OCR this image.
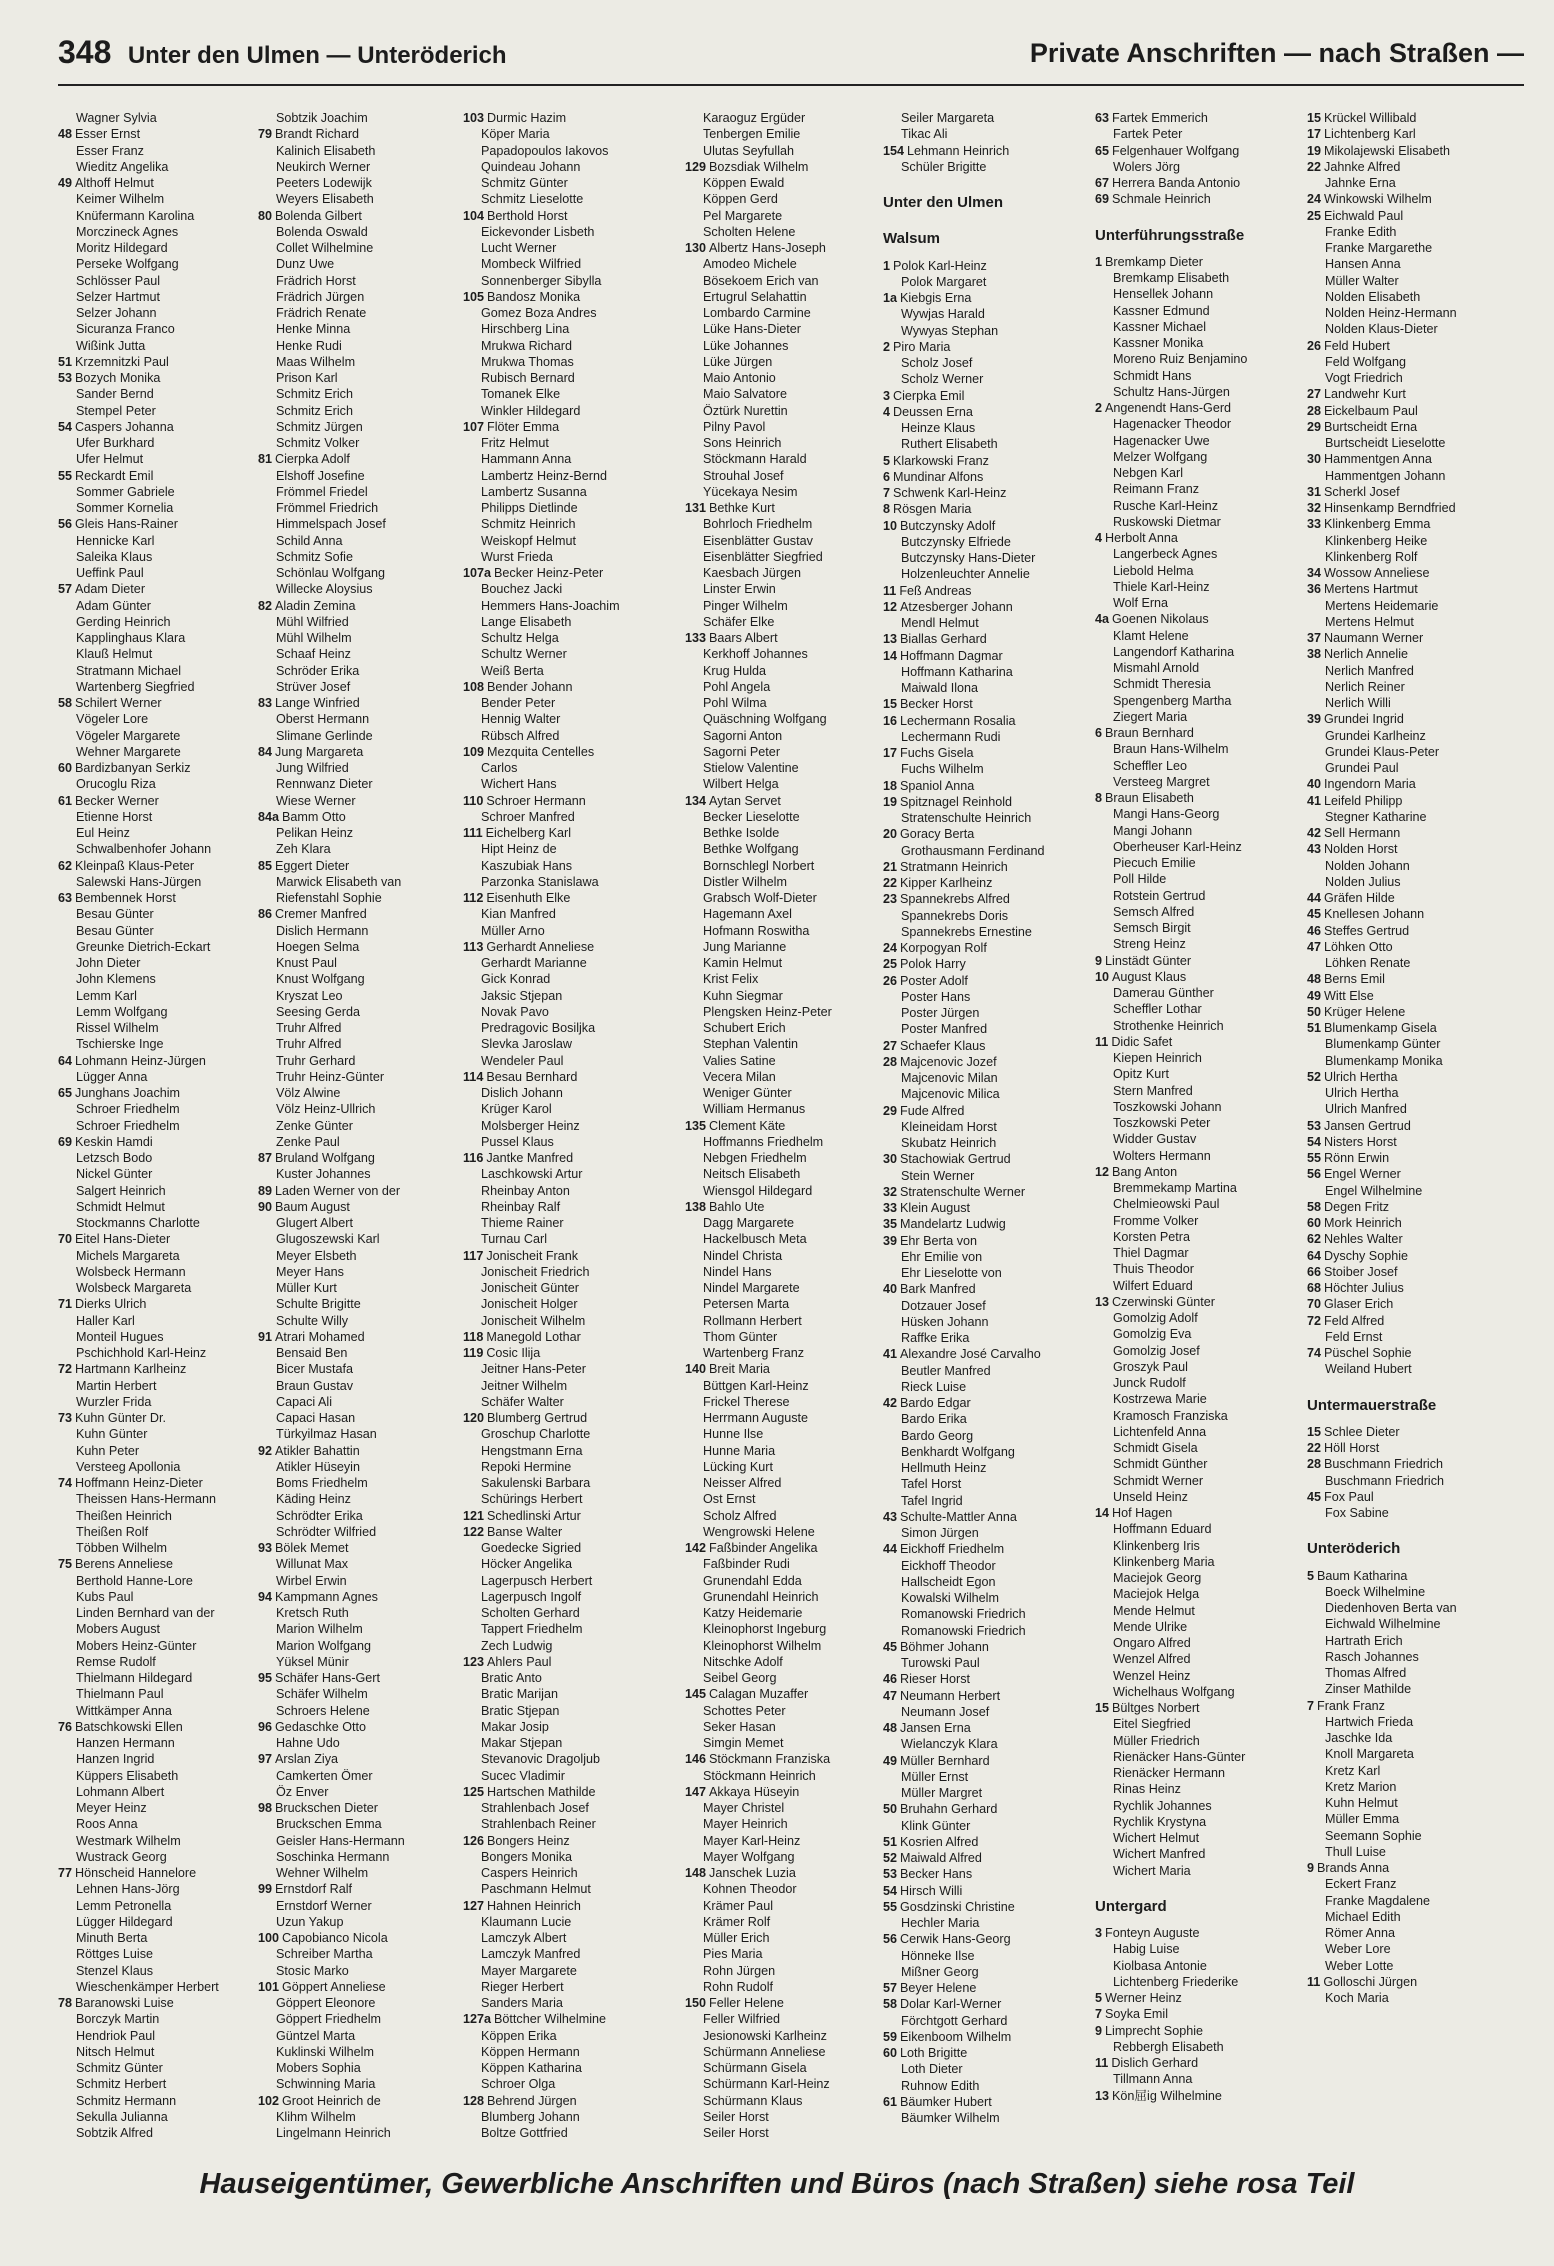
348 Unter den Ulmen — Unteröderich	Private Anschriften — nach Straßen —
Wagner Sylvia
48 Esser Ernst
Esser Franz
Wieditz Angelika
49 Althoff Helmut
Keimer Wilhelm
Knüfermann Karolina
Morczineck Agnes
Moritz Hildegard
Perseke Wolfgang
Schlösser Paul
Selzer Hartmut
Selzer Johann
Sicuranza Franco
Wißink Jutta
51 Krzemnitzki Paul
53 Bozych Monika
Sander Bernd
Stempel Peter
54 Caspers Johanna
Ufer Burkhard
Ufer Helmut
55 Reckardt Emil
Sommer Gabriele
Sommer Kornelia
56 Gleis Hans-Rainer
Hennicke Karl
Saleika Klaus
Ueffink Paul
57 Adam Dieter
Adam Günter
Gerding Heinrich
Kapplinghaus Klara
Klauß Helmut
Stratmann Michael
Wartenberg Siegfried
58 Schilert Werner
Vögeler Lore
Vögeler Margarete
Wehner Margarete
60 Bardizbanyan Serkiz
Orucoglu Riza
61 Becker Werner
Etienne Horst
Eul Heinz
Schwalbenhofer Johann
62 Kleinpaß Klaus-Peter
Salewski Hans-Jürgen
63 Bembennek Horst
Besau Günter
Besau Günter
Greunke Dietrich-Eckart
John Dieter
John Klemens
Lemm Karl
Lemm Wolfgang
Rissel Wilhelm
Tschierske Inge
64 Lohmann Heinz-Jürgen
Lügger Anna
65 Junghans Joachim
Schroer Friedhelm
Schroer Friedhelm
69 Keskin Hamdi
Letzsch Bodo
Nickel Günter
Salgert Heinrich
Schmidt Helmut
Stockmanns Charlotte
70 Eitel Hans-Dieter
Michels Margareta
Wolsbeck Hermann
Wolsbeck Margareta
71 Dierks Ulrich
Haller Karl
Monteil Hugues
Pschichhold Karl-Heinz
72 Hartmann Karlheinz
Martin Herbert
Wurzler Frida
73 Kuhn Günter Dr.
Kuhn Günter
Kuhn Peter
Versteeg Apollonia
74 Hoffmann Heinz-Dieter
Theissen Hans-Hermann
Theißen Heinrich
Theißen Rolf
Többen Wilhelm
75 Berens Anneliese
Berthold Hanne-Lore
Kubs Paul
Linden Bernhard van der
Mobers August
Mobers Heinz-Günter
Remse Rudolf
Thielmann Hildegard
Thielmann Paul
Wittkämper Anna
76 Batschkowski Ellen
Hanzen Hermann
Hanzen Ingrid
Küppers Elisabeth
Lohmann Albert
Meyer Heinz
Roos Anna
Westmark Wilhelm
Wustrack Georg
77 Hönscheid Hannelore
Lehnen Hans-Jörg
Lemm Petronella
Lügger Hildegard
Minuth Berta
Röttges Luise
Stenzel Klaus
Wieschenkämper Herbert
78 Baranowski Luise
Borczyk Martin
Hendriok Paul
Nitsch Helmut
Schmitz Günter
Schmitz Herbert
Schmitz Hermann
Sekulla Julianna
Sobtzik Alfred
Sobtzik Joachim
79 Brandt Richard
Kalinich Elisabeth
Neukirch Werner
Peeters Lodewijk
Weyers Elisabeth
80 Bolenda Gilbert
Bolenda Oswald
Collet Wilhelmine
Dunz Uwe
Frädrich Horst
Frädrich Jürgen
Frädrich Renate
Henke Minna
Henke Rudi
Maas Wilhelm
Prison Karl
Schmitz Erich
Schmitz Erich
Schmitz Jürgen
Schmitz Volker
81 Cierpka Adolf
Elshoff Josefine
Frömmel Friedel
Frömmel Friedrich
Himmelspach Josef
Schild Anna
Schmitz Sofie
Schönlau Wolfgang
Willecke Aloysius
82 Aladin Zemina
Mühl Wilfried
Mühl Wilhelm
Schaaf Heinz
Schröder Erika
Strüver Josef
83 Lange Winfried
Oberst Hermann
Slimane Gerlinde
84 Jung Margareta
Jung Wilfried
Rennwanz Dieter
Wiese Werner
84a Bamm Otto
Pelikan Heinz
Zeh Klara
85 Eggert Dieter
Marwick Elisabeth van
Riefenstahl Sophie
86 Cremer Manfred
Dislich Hermann
Hoegen Selma
Knust Paul
Knust Wolfgang
Kryszat Leo
Seesing Gerda
Truhr Alfred
Truhr Alfred
Truhr Gerhard
Truhr Heinz-Günter
Völz Alwine
Völz Heinz-Ullrich
Zenke Günter
Zenke Paul
87 Bruland Wolfgang
Kuster Johannes
89 Laden Werner von der
90 Baum August
Glugert Albert
Glugoszewski Karl
Meyer Elsbeth
Meyer Hans
Müller Kurt
Schulte Brigitte
Schulte Willy
91 Atrari Mohamed
Bensaid Ben
Bicer Mustafa
Braun Gustav
Capaci Ali
Capaci Hasan
Türkyilmaz Hasan
92 Atikler Bahattin
Atikler Hüseyin
Boms Friedhelm
Käding Heinz
Schrödter Erika
Schrödter Wilfried
93 Bölek Memet
Willunat Max
Wirbel Erwin
94 Kampmann Agnes
Kretsch Ruth
Marion Wilhelm
Marion Wolfgang
Yüksel Münir
95 Schäfer Hans-Gert
Schäfer Wilhelm
Schroers Helene
96 Gedaschke Otto
Hahne Udo
97 Arslan Ziya
Camkerten Ömer
Öz Enver
98 Bruckschen Dieter
Bruckschen Emma
Geisler Hans-Hermann
Soschinka Hermann
Wehner Wilhelm
99 Ernstdorf Ralf
Ernstdorf Werner
Uzun Yakup
100 Capobianco Nicola
Schreiber Martha
Stosic Marko
101 Göppert Anneliese
Göppert Eleonore
Göppert Friedhelm
Güntzel Marta
Kuklinski Wilhelm
Mobers Sophia
Schwinning Maria
102 Groot Heinrich de
Klihm Wilhelm
Lingelmann Heinrich
103 Durmic Hazim
Köper Maria
Papadopoulos Iakovos
Quindeau Johann
Schmitz Günter
Schmitz Lieselotte
104 Berthold Horst
Eickevonder Lisbeth
Lucht Werner
Mombeck Wilfried
Sonnenberger Sibylla
105 Bandosz Monika
Gomez Boza Andres
Hirschberg Lina
Mrukwa Richard
Mrukwa Thomas
Rubisch Bernard
Tomanek Elke
Winkler Hildegard
107 Flöter Emma
Fritz Helmut
Hammann Anna
Lambertz Heinz-Bernd
Lambertz Susanna
Philipps Dietlinde
Schmitz Heinrich
Weiskopf Helmut
Wurst Frieda
107a Becker Heinz-Peter
Bouchez Jacki
Hemmers Hans-Joachim
Lange Elisabeth
Schultz Helga
Schultz Werner
Weiß Berta
108 Bender Johann
Bender Peter
Hennig Walter
Rübsch Alfred
109 Mezquita Centelles
Carlos
Wichert Hans
110 Schroer Hermann
Schroer Manfred
111 Eichelberg Karl
Hipt Heinz de
Kaszubiak Hans
Parzonka Stanislawa
112 Eisenhuth Elke
Kian Manfred
Müller Arno
113 Gerhardt Anneliese
Gerhardt Marianne
Gick Konrad
Jaksic Stjepan
Novak Pavo
Predragovic Bosiljka
Slevka Jaroslaw
Wendeler Paul
114 Besau Bernhard
Dislich Johann
Krüger Karol
Molsberger Heinz
Pussel Klaus
116 Jantke Manfred
Laschkowski Artur
Rheinbay Anton
Rheinbay Ralf
Thieme Rainer
Turnau Carl
117 Jonischeit Frank
Jonischeit Friedrich
Jonischeit Günter
Jonischeit Holger
Jonischeit Wilhelm
118 Manegold Lothar
119 Cosic Ilija
Jeitner Hans-Peter
Jeitner Wilhelm
Schäfer Walter
120 Blumberg Gertrud
Groschup Charlotte
Hengstmann Erna
Repoki Hermine
Sakulenski Barbara
Schürings Herbert
121 Schedlinski Artur
122 Banse Walter
Goedecke Sigried
Höcker Angelika
Lagerpusch Herbert
Lagerpusch Ingolf
Scholten Gerhard
Tappert Friedhelm
Zech Ludwig
123 Ahlers Paul
Bratic Anto
Bratic Marijan
Bratic Stjepan
Makar Josip
Makar Stjepan
Stevanovic Dragoljub
Sucec Vladimir
125 Hartschen Mathilde
Strahlenbach Josef
Strahlenbach Reiner
126 Bongers Heinz
Bongers Monika
Caspers Heinrich
Paschmann Helmut
127 Hahnen Heinrich
Klaumann Lucie
Lamczyk Albert
Lamczyk Manfred
Mayer Margarete
Rieger Herbert
Sanders Maria
127a Böttcher Wilhelmine
Köppen Erika
Köppen Hermann
Köppen Katharina
Schroer Olga
128 Behrend Jürgen
Blumberg Johann
Boltze Gottfried
Karaoguz Ergüder
Tenbergen Emilie
Ulutas Seyfullah
129 Bozsdiak Wilhelm
Köppen Ewald
Köppen Gerd
Pel Margarete
Scholten Helene
130 Albertz Hans-Joseph
Amodeo Michele
Bösekoem Erich van
Ertugrul Selahattin
Lombardo Carmine
Lüke Hans-Dieter
Lüke Johannes
Lüke Jürgen
Maio Antonio
Maio Salvatore
Öztürk Nurettin
Pilny Pavol
Sons Heinrich
Stöckmann Harald
Strouhal Josef
Yücekaya Nesim
131 Bethke Kurt
Bohrloch Friedhelm
Eisenblätter Gustav
Eisenblätter Siegfried
Kaesbach Jürgen
Linster Erwin
Pinger Wilhelm
Schäfer Elke
133 Baars Albert
Kerkhoff Johannes
Krug Hulda
Pohl Angela
Pohl Wilma
Quäschning Wolfgang
Sagorni Anton
Sagorni Peter
Stielow Valentine
Wilbert Helga
134 Aytan Servet
Becker Lieselotte
Bethke Isolde
Bethke Wolfgang
Bornschlegl Norbert
Distler Wilhelm
Grabsch Wolf-Dieter
Hagemann Axel
Hofmann Roswitha
Jung Marianne
Kamin Helmut
Krist Felix
Kuhn Siegmar
Plengsken Heinz-Peter
Schubert Erich
Stephan Valentin
Valies Satine
Vecera Milan
Weniger Günter
William Hermanus
135 Clement Käte
Hoffmanns Friedhelm
Nebgen Friedhelm
Neitsch Elisabeth
Wiensgol Hildegard
138 Bahlo Ute
Dagg Margarete
Hackelbusch Meta
Nindel Christa
Nindel Hans
Nindel Margarete
Petersen Marta
Rollmann Herbert
Thom Günter
Wartenberg Franz
140 Breit Maria
Büttgen Karl-Heinz
Frickel Therese
Herrmann Auguste
Hunne Ilse
Hunne Maria
Lücking Kurt
Neisser Alfred
Ost Ernst
Scholz Alfred
Wengrowski Helene
142 Faßbinder Angelika
Faßbinder Rudi
Grunendahl Edda
Grunendahl Heinrich
Katzy Heidemarie
Kleinophorst Ingeburg
Kleinophorst Wilhelm
Nitschke Adolf
Seibel Georg
145 Calagan Muzaffer
Schottes Peter
Seker Hasan
Simgin Memet
146 Stöckmann Franziska
Stöckmann Heinrich
147 Akkaya Hüseyin
Mayer Christel
Mayer Heinrich
Mayer Karl-Heinz
Mayer Wolfgang
148 Janschek Luzia
Kohnen Theodor
Krämer Paul
Krämer Rolf
Müller Erich
Pies Maria
Rohn Jürgen
Rohn Rudolf
150 Feller Helene
Feller Wilfried
Jesionowski Karlheinz
Schürmann Anneliese
Schürmann Gisela
Schürmann Karl-Heinz
Schürmann Klaus
Seiler Horst
Seiler Horst
Seiler Margareta
Tikac Ali
154 Lehmann Heinrich
Schüler Brigitte
Unter den Ulmen
Walsum
1 Polok Karl-Heinz
Polok Margaret
1a Kiebgis Erna
Wywjas Harald
Wywyas Stephan
2 Piro Maria
Scholz Josef
Scholz Werner
3 Cierpka Emil
4 Deussen Erna
Heinze Klaus
Ruthert Elisabeth
5 Klarkowski Franz
6 Mundinar Alfons
7 Schwenk Karl-Heinz
8 Rösgen Maria
10 Butczynsky Adolf
Butczynsky Elfriede
Butczynsky Hans-Dieter
Holzenleuchter Annelie
11 Feß Andreas
12 Atzesberger Johann
Mendl Helmut
13 Biallas Gerhard
14 Hoffmann Dagmar
Hoffmann Katharina
Maiwald Ilona
15 Becker Horst
16 Lechermann Rosalia
Lechermann Rudi
17 Fuchs Gisela
Fuchs Wilhelm
18 Spaniol Anna
19 Spitznagel Reinhold
Stratenschulte Heinrich
20 Goracy Berta
Grothausmann Ferdinand
21 Stratmann Heinrich
22 Kipper Karlheinz
23 Spannekrebs Alfred
Spannekrebs Doris
Spannekrebs Ernestine
24 Korpogyan Rolf
25 Polok Harry
26 Poster Adolf
Poster Hans
Poster Jürgen
Poster Manfred
27 Schaefer Klaus
28 Majcenovic Jozef
Majcenovic Milan
Majcenovic Milica
29 Fude Alfred
Kleineidam Horst
Skubatz Heinrich
30 Stachowiak Gertrud
Stein Werner
32 Stratenschulte Werner
33 Klein August
35 Mandelartz Ludwig
39 Ehr Berta von
Ehr Emilie von
Ehr Lieselotte von
40 Bark Manfred
Dotzauer Josef
Hüsken Johann
Raffke Erika
41 Alexandre José Carvalho
Beutler Manfred
Rieck Luise
42 Bardo Edgar
Bardo Erika
Bardo Georg
Benkhardt Wolfgang
Hellmuth Heinz
Tafel Horst
Tafel Ingrid
43 Schulte-Mattler Anna
Simon Jürgen
44 Eickhoff Friedhelm
Eickhoff Theodor
Hallscheidt Egon
Kowalski Wilhelm
Romanowski Friedrich
Romanowski Friedrich
45 Böhmer Johann
Turowski Paul
46 Rieser Horst
47 Neumann Herbert
Neumann Josef
48 Jansen Erna
Wielanczyk Klara
49 Müller Bernhard
Müller Ernst
Müller Margret
50 Bruhahn Gerhard
Klink Günter
51 Kosrien Alfred
52 Maiwald Alfred
53 Becker Hans
54 Hirsch Willi
55 Gosdzinski Christine
Hechler Maria
56 Cerwik Hans-Georg
Hönneke Ilse
Mißner Georg
57 Beyer Helene
58 Dolar Karl-Werner
Förchtgott Gerhard
59 Eikenboom Wilhelm
60 Loth Brigitte
Loth Dieter
Ruhnow Edith
61 Bäumker Hubert
Bäumker Wilhelm
63 Fartek Emmerich
Fartek Peter
65 Felgenhauer Wolfgang
Wolers Jörg
67 Herrera Banda Antonio
69 Schmale Heinrich
Unterführungsstraße
1 Bremkamp Dieter
Bremkamp Elisabeth
Hensellek Johann
Kassner Edmund
Kassner Michael
Kassner Monika
Moreno Ruiz Benjamino
Schmidt Hans
Schultz Hans-Jürgen
2 Angenendt Hans-Gerd
Hagenacker Theodor
Hagenacker Uwe
Melzer Wolfgang
Nebgen Karl
Reimann Franz
Rusche Karl-Heinz
Ruskowski Dietmar
4 Herbolt Anna
Langerbeck Agnes
Liebold Helma
Thiele Karl-Heinz
Wolf Erna
4a Goenen Nikolaus
Klamt Helene
Langendorf Katharina
Mismahl Arnold
Schmidt Theresia
Spengenberg Martha
Ziegert Maria
6 Braun Bernhard
Braun Hans-Wilhelm
Scheffler Leo
Versteeg Margret
8 Braun Elisabeth
Mangi Hans-Georg
Mangi Johann
Oberheuser Karl-Heinz
Piecuch Emilie
Poll Hilde
Rotstein Gertrud
Semsch Alfred
Semsch Birgit
Streng Heinz
9 Linstädt Günter
10 August Klaus
Damerau Günther
Scheffler Lothar
Strothenke Heinrich
11 Didic Safet
Kiepen Heinrich
Opitz Kurt
Stern Manfred
Toszkowski Johann
Toszkowski Peter
Widder Gustav
Wolters Hermann
12 Bang Anton
Bremmekamp Martina
Chelmieowski Paul
Fromme Volker
Korsten Petra
Thiel Dagmar
Thuis Theodor
Wilfert Eduard
13 Czerwinski Günter
Gomolzig Adolf
Gomolzig Eva
Gomolzig Josef
Groszyk Paul
Junck Rudolf
Kostrzewa Marie
Kramosch Franziska
Lichtenfeld Anna
Schmidt Gisela
Schmidt Günther
Schmidt Werner
Unseld Heinz
14 Hof Hagen
Hoffmann Eduard
Klinkenberg Iris
Klinkenberg Maria
Maciejok Georg
Maciejok Helga
Mende Helmut
Mende Ulrike
Ongaro Alfred
Wenzel Alfred
Wenzel Heinz
Wichelhaus Wolfgang
15 Bültges Norbert
Eitel Siegfried
Müller Friedrich
Rienäcker Hans-Günter
Rienäcker Hermann
Rinas Heinz
Rychlik Johannes
Rychlik Krystyna
Wichert Helmut
Wichert Manfred
Wichert Maria
Untergard
3 Fonteyn Auguste
Habig Luise
Kiolbasa Antonie
Lichtenberg Friederike
5 Werner Heinz
7 Soyka Emil
9 Limprecht Sophie
Rebbergh Elisabeth
11 Dislich Gerhard
Tillmann Anna
13 Kön屈ig Wilhelmine
15 Krückel Willibald
17 Lichtenberg Karl
19 Mikolajewski Elisabeth
22 Jahnke Alfred
Jahnke Erna
24 Winkowski Wilhelm
25 Eichwald Paul
Franke Edith
Franke Margarethe
Hansen Anna
Müller Walter
Nolden Elisabeth
Nolden Heinz-Hermann
Nolden Klaus-Dieter
26 Feld Hubert
Feld Wolfgang
Vogt Friedrich
27 Landwehr Kurt
28 Eickelbaum Paul
29 Burtscheidt Erna
Burtscheidt Lieselotte
30 Hammentgen Anna
Hammentgen Johann
31 Scherkl Josef
32 Hinsenkamp Berndfried
33 Klinkenberg Emma
Klinkenberg Heike
Klinkenberg Rolf
34 Wossow Anneliese
36 Mertens Hartmut
Mertens Heidemarie
Mertens Helmut
37 Naumann Werner
38 Nerlich Annelie
Nerlich Manfred
Nerlich Reiner
Nerlich Willi
39 Grundei Ingrid
Grundei Karlheinz
Grundei Klaus-Peter
Grundei Paul
40 Ingendorn Maria
41 Leifeld Philipp
Stegner Katharine
42 Sell Hermann
43 Nolden Horst
Nolden Johann
Nolden Julius
44 Gräfen Hilde
45 Knellesen Johann
46 Steffes Gertrud
47 Löhken Otto
Löhken Renate
48 Berns Emil
49 Witt Else
50 Krüger Helene
51 Blumenkamp Gisela
Blumenkamp Günter
Blumenkamp Monika
52 Ulrich Hertha
Ulrich Hertha
Ulrich Manfred
53 Jansen Gertrud
54 Nisters Horst
55 Rönn Erwin
56 Engel Werner
Engel Wilhelmine
58 Degen Fritz
60 Mork Heinrich
62 Nehles Walter
64 Dyschy Sophie
66 Stoiber Josef
68 Höchter Julius
70 Glaser Erich
72 Feld Alfred
Feld Ernst
74 Püschel Sophie
Weiland Hubert
Untermauerstraße
15 Schlee Dieter
22 Höll Horst
28 Buschmann Friedrich
Buschmann Friedrich
45 Fox Paul
Fox Sabine
Unteröderich
5 Baum Katharina
Boeck Wilhelmine
Diedenhoven Berta van
Eichwald Wilhelmine
Hartrath Erich
Rasch Johannes
Thomas Alfred
Zinser Mathilde
7 Frank Franz
Hartwich Frieda
Jaschke Ida
Knoll Margareta
Kretz Karl
Kretz Marion
Kuhn Helmut
Müller Emma
Seemann Sophie
Thull Luise
9 Brands Anna
Eckert Franz
Franke Magdalene
Michael Edith
Römer Anna
Weber Lore
Weber Lotte
11 Golloschi Jürgen
Koch Maria
Hauseigentümer, Gewerbliche Anschriften und Büros (nach Straßen) siehe rosa Teil
